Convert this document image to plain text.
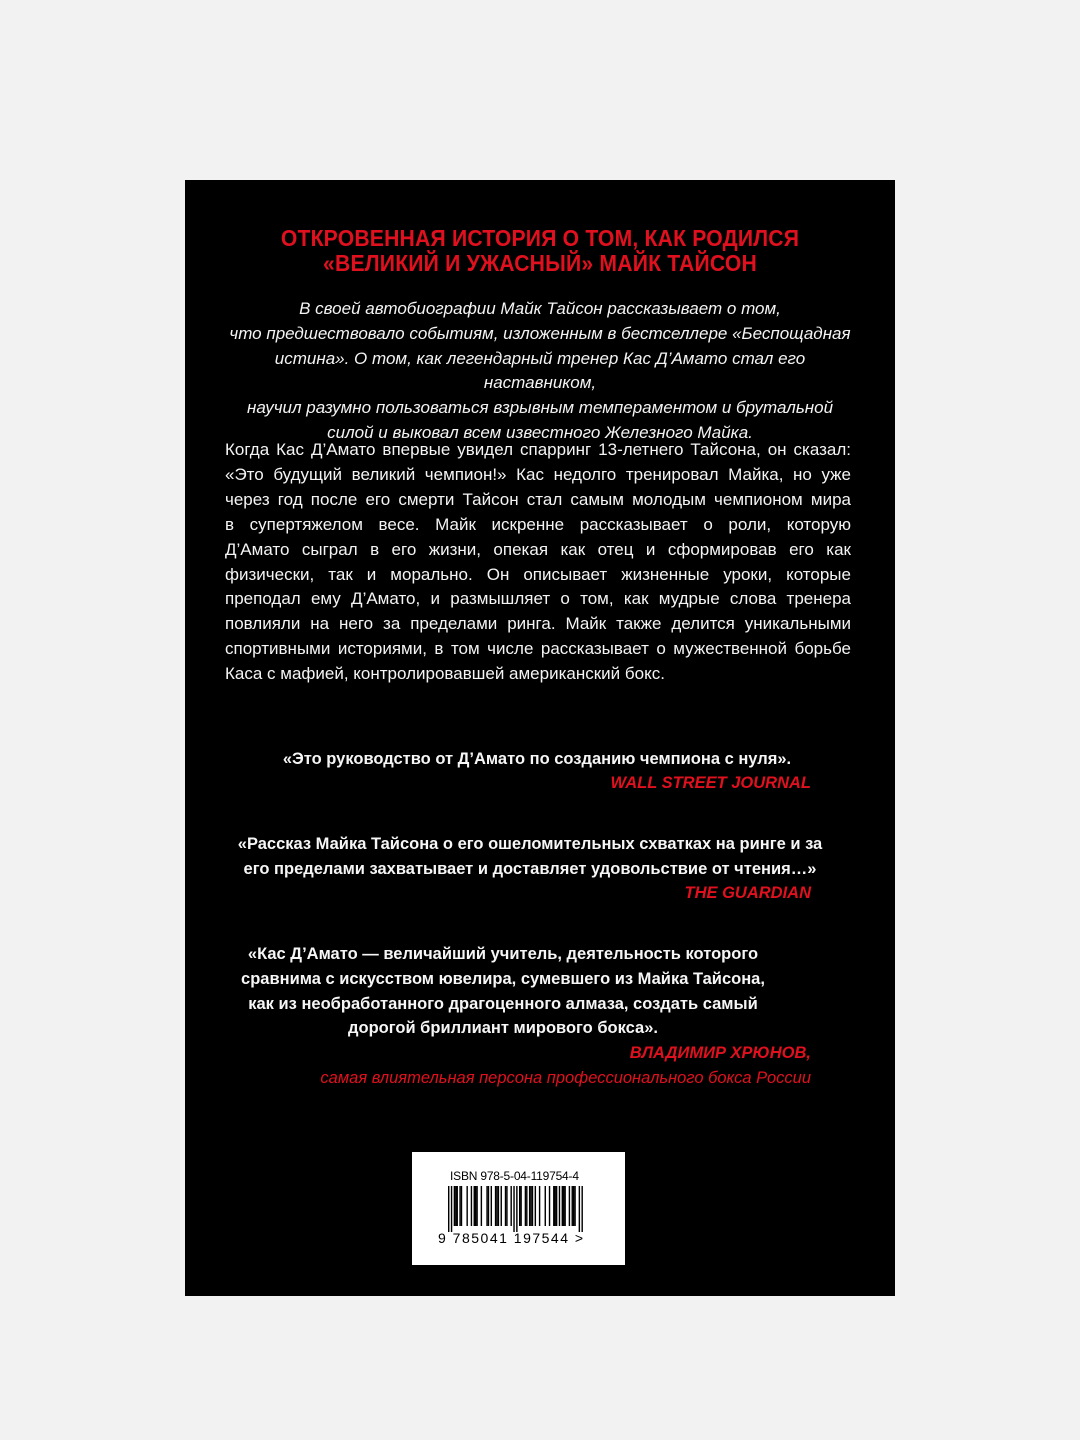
ОТКРОВЕННАЯ ИСТОРИЯ О ТОМ, КАК РОДИЛСЯ
«ВЕЛИКИЙ И УЖАСНЫЙ» МАЙК ТАЙСОН
В своей автобиографии Майк Тайсон рассказывает о том,
что предшествовало событиям, изложенным в бестселлере «Беспощадная
истина». О том, как легендарный тренер Кас Д’Амато стал его наставником,
научил разумно пользоваться взрывным темпераментом и брутальной
силой и выковал всем известного Железного Майка.
Когда Кас Д’Амато впервые увидел спарринг 13-летнего Тайсона, он сказал:
«Это будущий великий чемпион!» Кас недолго тренировал Майка, но уже
через год после его смерти Тайсон стал самым молодым чемпионом мира
в супертяжелом весе. Майк искренне рассказывает о роли, которую
Д’Амато сыграл в его жизни, опекая как отец и сформировав его как
физически, так и морально. Он описывает жизненные уроки, которые
преподал ему Д’Амато, и размышляет о том, как мудрые слова тренера
повлияли на него за пределами ринга. Майк также делится уникальными
спортивными историями, в том числе рассказывает о мужественной борьбе
Каса с мафией, контролировавшей американский бокс.
«Это руководство от Д’Амато по созданию чемпиона с нуля».
WALL STREET JOURNAL
«Рассказ Майка Тайсона о его ошеломительных схватках на ринге и за
его пределами захватывает и доставляет удовольствие от чтения…»
THE GUARDIAN
«Кас Д’Амато — величайший учитель, деятельность которого
сравнима с искусством ювелира, сумевшего из Майка Тайсона,
как из необработанного драгоценного алмаза, создать самый
дорогой бриллиант мирового бокса».
ВЛАДИМИР ХРЮНОВ,
самая влиятельная персона профессионального бокса России
ISBN 978-5-04-119754-4
9 785041 197544 >
